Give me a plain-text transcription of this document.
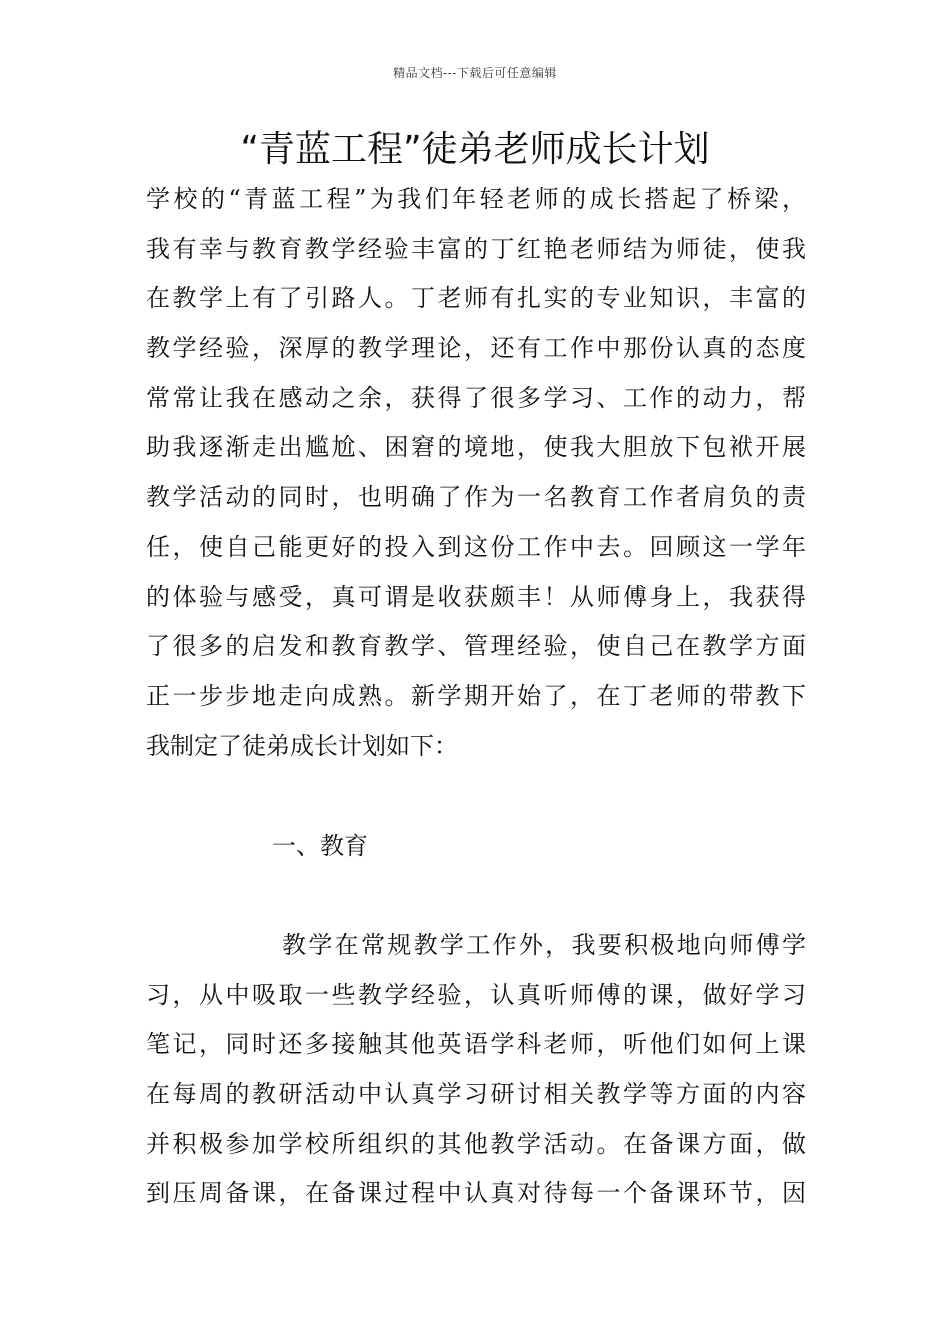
精品文档---下载后可任意编辑
“青蓝工程”徒弟老师成长计划
学校的“青蓝工程”为我们年轻老师的成长搭起了桥梁，
我有幸与教育教学经验丰富的丁红艳老师结为师徒，使我
在教学上有了引路人。丁老师有扎实的专业知识，丰富的
教学经验，深厚的教学理论，还有工作中那份认真的态度
常常让我在感动之余，获得了很多学习、工作的动力，帮
助我逐渐走出尴尬、困窘的境地，使我大胆放下包袱开展
教学活动的同时，也明确了作为一名教育工作者肩负的责
任，使自己能更好的投入到这份工作中去。回顾这一学年
的体验与感受，真可谓是收获颇丰！从师傅身上，我获得
了很多的启发和教育教学、管理经验，使自己在教学方面
正一步步地走向成熟。新学期开始了，在丁老师的带教下
我制定了徒弟成长计划如下：
一、教育
教学在常规教学工作外，我要积极地向师傅学
习，从中吸取一些教学经验，认真听师傅的课，做好学习
笔记，同时还多接触其他英语学科老师，听他们如何上课
在每周的教研活动中认真学习研讨相关教学等方面的内容
并积极参加学校所组织的其他教学活动。在备课方面，做
到压周备课，在备课过程中认真对待每一个备课环节，因
